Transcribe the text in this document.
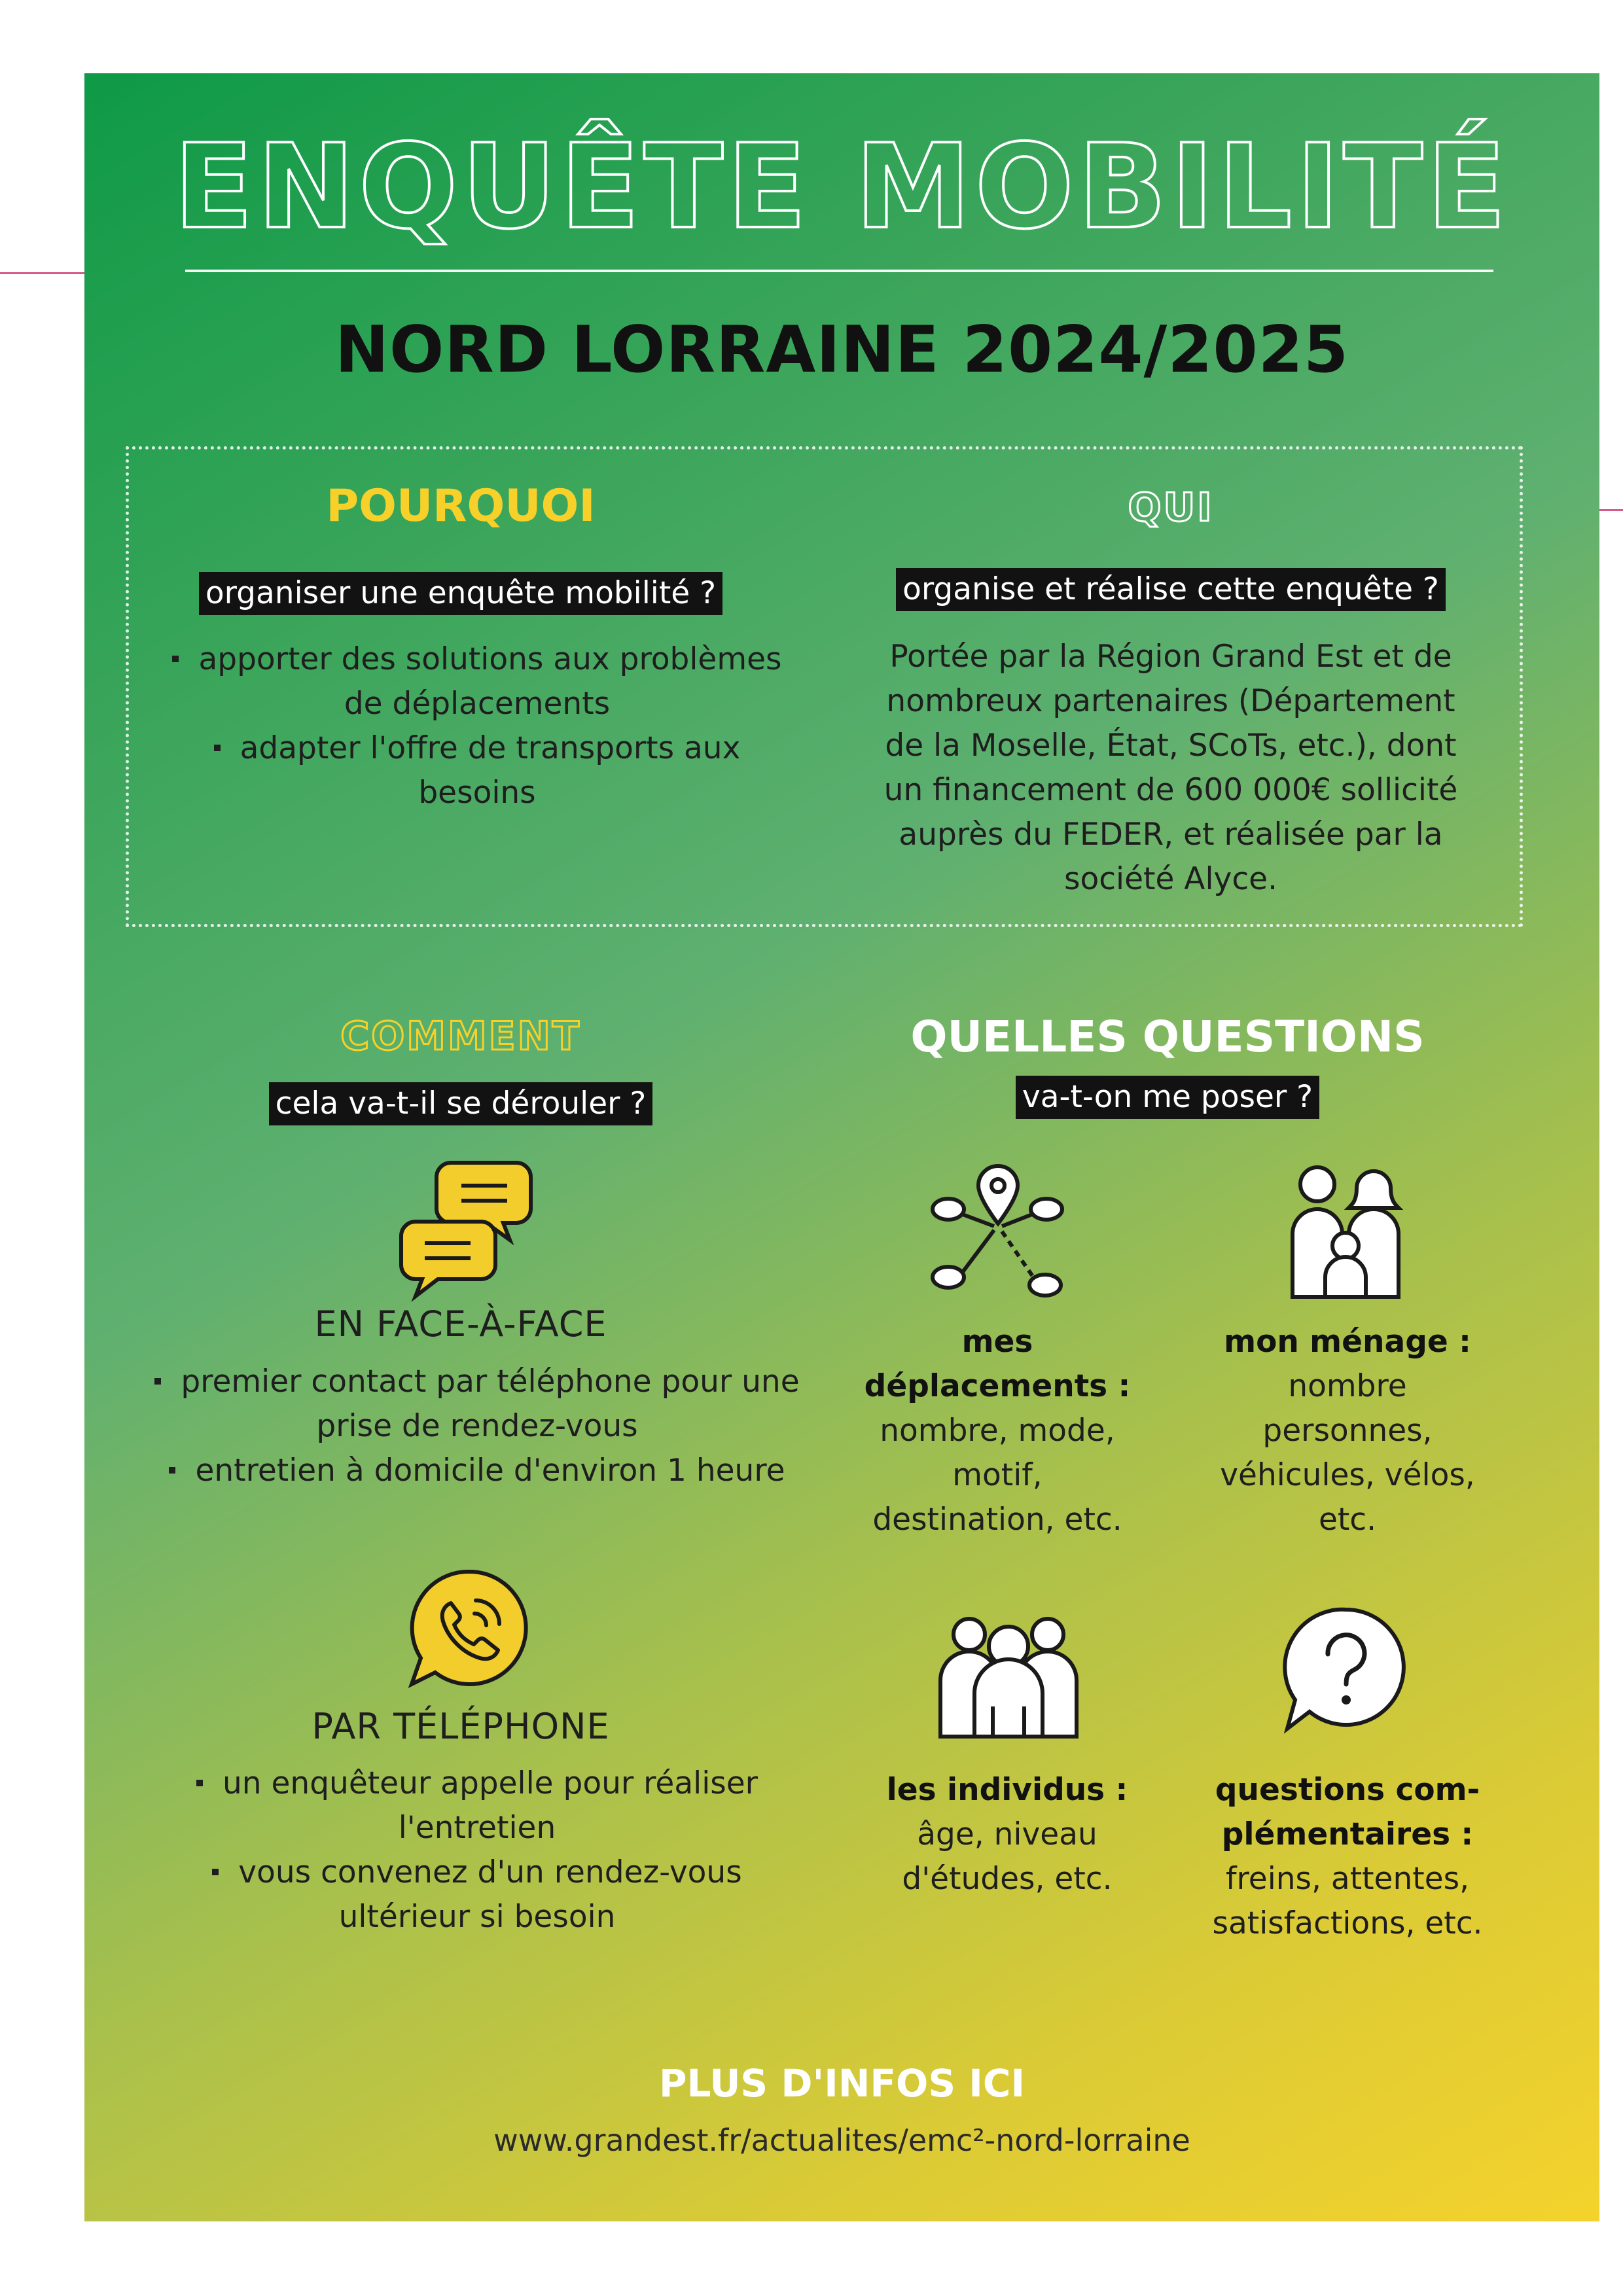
ENQUÊTE MOBILITÉ
NORD LORRAINE 2024/2025
POURQUOI
organiser une enquête mobilité ?

apporter des solutions aux problèmes de déplacements

adapter l'offre de transports aux besoins

QUI
organise et réalise cette enquête ?
Portée par la Région Grand Est et de nombreux partenaires (Département de la Moselle, État, SCoTs, etc.), dont un financement de 600 000€ sollicité auprès du FEDER, et réalisée par la société Alyce.
COMMENT
cela va-t-il se dérouler ?
EN FACE-À-FACE

premier contact par téléphone pour une prise de rendez-vous

entretien à domicile d'environ 1 heure

PAR TÉLÉPHONE

un enquêteur appelle pour réaliser l'entretien

vous convenez d'un rendez-vous ultérieur si besoin

QUELLES QUESTIONS
va-t-on me poser ?
mes déplacements :
nombre, mode, motif, destination, etc.
mon ménage :
nombre personnes, véhicules, vélos, etc.
les individus :
âge, niveau d'études, etc.
questions com-plémentaires :
freins, attentes, satisfactions, etc.
PLUS D'INFOS ICI
www.grandest.fr/actualites/emc²-nord-lorraine
